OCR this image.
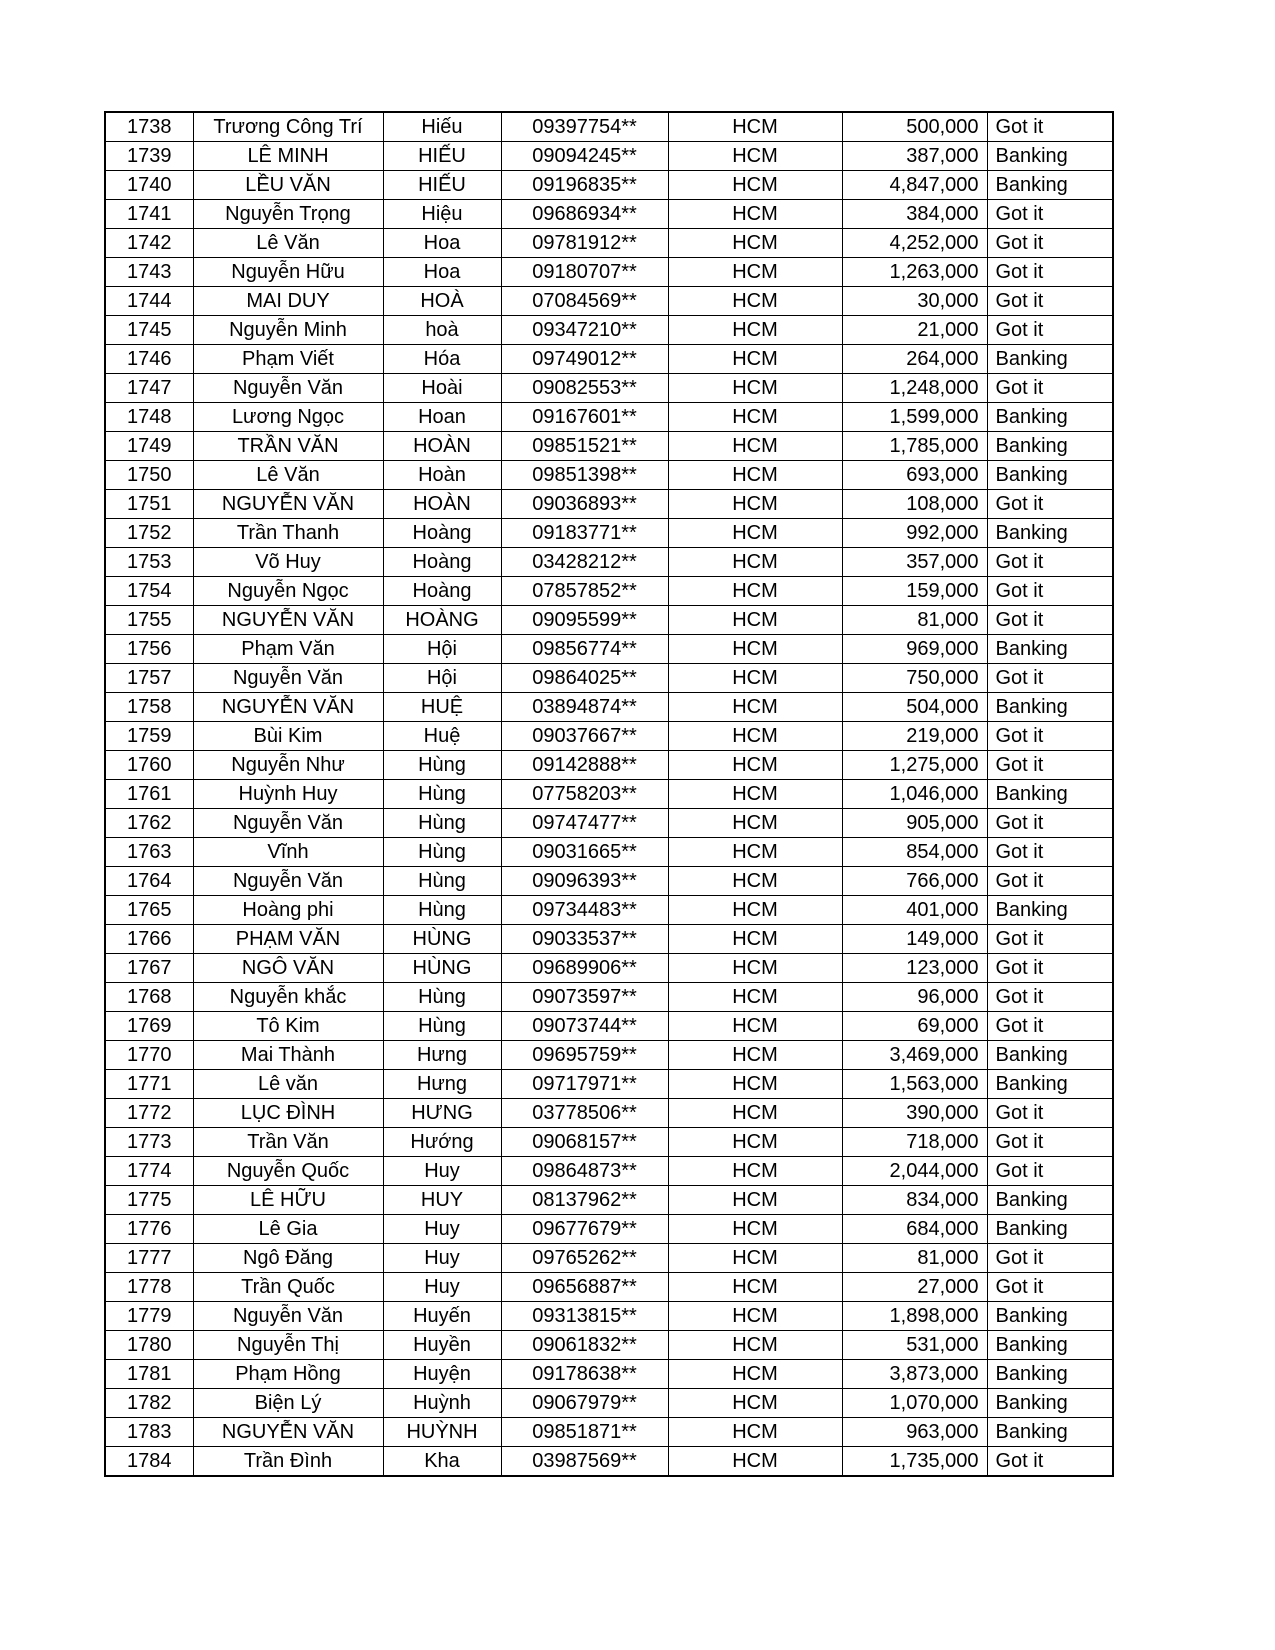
1738	Trương Công Trí	Hiếu	09397754**	HCM	500,000	Got it
1739	LÊ MINH	HIẾU	09094245**	HCM	387,000	Banking
1740	LỀU VĂN	HIẾU	09196835**	HCM	4,847,000	Banking
1741	Nguyễn Trọng	Hiệu	09686934**	HCM	384,000	Got it
1742	Lê Văn	Hoa	09781912**	HCM	4,252,000	Got it
1743	Nguyễn Hữu	Hoa	09180707**	HCM	1,263,000	Got it
1744	MAI DUY	HOÀ	07084569**	HCM	30,000	Got it
1745	Nguyễn Minh	hoà	09347210**	HCM	21,000	Got it
1746	Phạm Viết	Hóa	09749012**	HCM	264,000	Banking
1747	Nguyễn Văn	Hoài	09082553**	HCM	1,248,000	Got it
1748	Lương Ngọc	Hoan	09167601**	HCM	1,599,000	Banking
1749	TRẦN VĂN	HOÀN	09851521**	HCM	1,785,000	Banking
1750	Lê Văn	Hoàn	09851398**	HCM	693,000	Banking
1751	NGUYỄN VĂN	HOÀN	09036893**	HCM	108,000	Got it
1752	Trần Thanh	Hoàng	09183771**	HCM	992,000	Banking
1753	Võ Huy	Hoàng	03428212**	HCM	357,000	Got it
1754	Nguyễn Ngọc	Hoàng	07857852**	HCM	159,000	Got it
1755	NGUYỄN VĂN	HOÀNG	09095599**	HCM	81,000	Got it
1756	Phạm Văn	Hội	09856774**	HCM	969,000	Banking
1757	Nguyễn Văn	Hội	09864025**	HCM	750,000	Got it
1758	NGUYỄN VĂN	HUỆ	03894874**	HCM	504,000	Banking
1759	Bùi Kim	Huệ	09037667**	HCM	219,000	Got it
1760	Nguyễn Như	Hùng	09142888**	HCM	1,275,000	Got it
1761	Huỳnh Huy	Hùng	07758203**	HCM	1,046,000	Banking
1762	Nguyễn Văn	Hùng	09747477**	HCM	905,000	Got it
1763	Vĩnh	Hùng	09031665**	HCM	854,000	Got it
1764	Nguyễn Văn	Hùng	09096393**	HCM	766,000	Got it
1765	Hoàng phi	Hùng	09734483**	HCM	401,000	Banking
1766	PHẠM VĂN	HÙNG	09033537**	HCM	149,000	Got it
1767	NGÔ VĂN	HÙNG	09689906**	HCM	123,000	Got it
1768	Nguyễn khắc	Hùng	09073597**	HCM	96,000	Got it
1769	Tô Kim	Hùng	09073744**	HCM	69,000	Got it
1770	Mai Thành	Hưng	09695759**	HCM	3,469,000	Banking
1771	Lê văn	Hưng	09717971**	HCM	1,563,000	Banking
1772	LỤC ĐÌNH	HƯNG	03778506**	HCM	390,000	Got it
1773	Trần Văn	Hướng	09068157**	HCM	718,000	Got it
1774	Nguyễn Quốc	Huy	09864873**	HCM	2,044,000	Got it
1775	LÊ HỮU	HUY	08137962**	HCM	834,000	Banking
1776	Lê Gia	Huy	09677679**	HCM	684,000	Banking
1777	Ngô Đăng	Huy	09765262**	HCM	81,000	Got it
1778	Trần Quốc	Huy	09656887**	HCM	27,000	Got it
1779	Nguyễn Văn	Huyến	09313815**	HCM	1,898,000	Banking
1780	Nguyễn Thị	Huyền	09061832**	HCM	531,000	Banking
1781	Phạm Hồng	Huyện	09178638**	HCM	3,873,000	Banking
1782	Biện Lý	Huỳnh	09067979**	HCM	1,070,000	Banking
1783	NGUYỄN VĂN	HUỲNH	09851871**	HCM	963,000	Banking
1784	Trần Đình	Kha	03987569**	HCM	1,735,000	Got it
